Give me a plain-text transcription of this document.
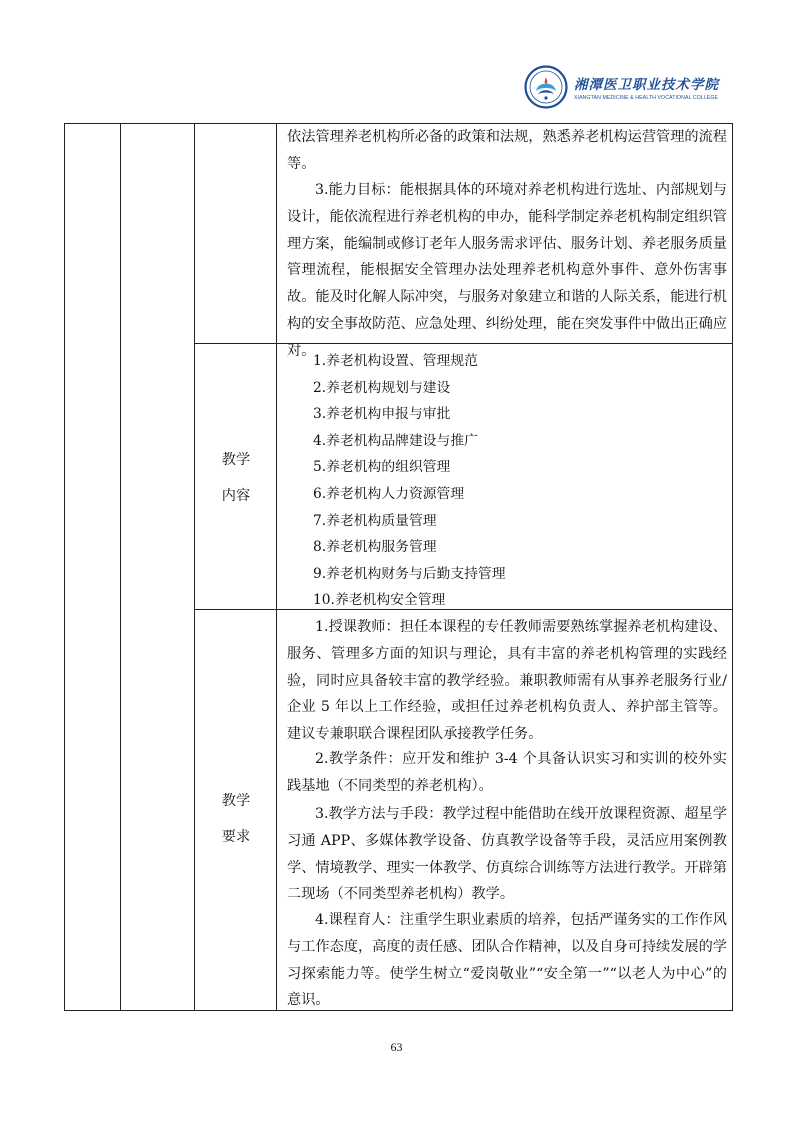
湘潭医卫职业技术学院
XIANGTAN MEDICINE & HEALTH VOCATIONAL COLLEGE

依法管理养老机构所必备的政策和法规，熟悉养老机构运营管理的流程等。

3.能力目标：能根据具体的环境对养老机构进行选址、内部规划与设计，能依流程进行养老机构的申办，能科学制定养老机构制定组织管理方案，能编制或修订老年人服务需求评估、服务计划、养老服务质量管理流程，能根据安全管理办法处理养老机构意外事件、意外伤害事故。能及时化解人际冲突，与服务对象建立和谐的人际关系，能进行机构的安全事故防范、应急处理、纠纷处理，能在突发事件中做出正确应对。

教学
内容
1.养老机构设置、管理规范
2.养老机构规划与建设
3.养老机构申报与审批
4.养老机构品牌建设与推广
5.养老机构的组织管理
6.养老机构人力资源管理
7.养老机构质量管理
8.养老机构服务管理
9.养老机构财务与后勤支持管理
10.养老机构安全管理
教学
要求

1.授课教师：担任本课程的专任教师需要熟练掌握养老机构建设、服务、管理多方面的知识与理论，具有丰富的养老机构管理的实践经验，同时应具备较丰富的教学经验。兼职教师需有从事养老服务行业/企业 5 年以上工作经验，或担任过养老机构负责人、养护部主管等。建议专兼职联合课程团队承接教学任务。

2.教学条件：应开发和维护 3-4 个具备认识实习和实训的校外实践基地（不同类型的养老机构）。

3.教学方法与手段：教学过程中能借助在线开放课程资源、超星学习通 APP、多媒体教学设备、仿真教学设备等手段，灵活应用案例教学、情境教学、理实一体教学、仿真综合训练等方法进行教学。开辟第二现场（不同类型养老机构）教学。

4.课程育人：注重学生职业素质的培养，包括严谨务实的工作作风与工作态度，高度的责任感、团队合作精神，以及自身可持续发展的学习探索能力等。使学生树立“爱岗敬业”“安全第一”“以老人为中心”的意识。

63
